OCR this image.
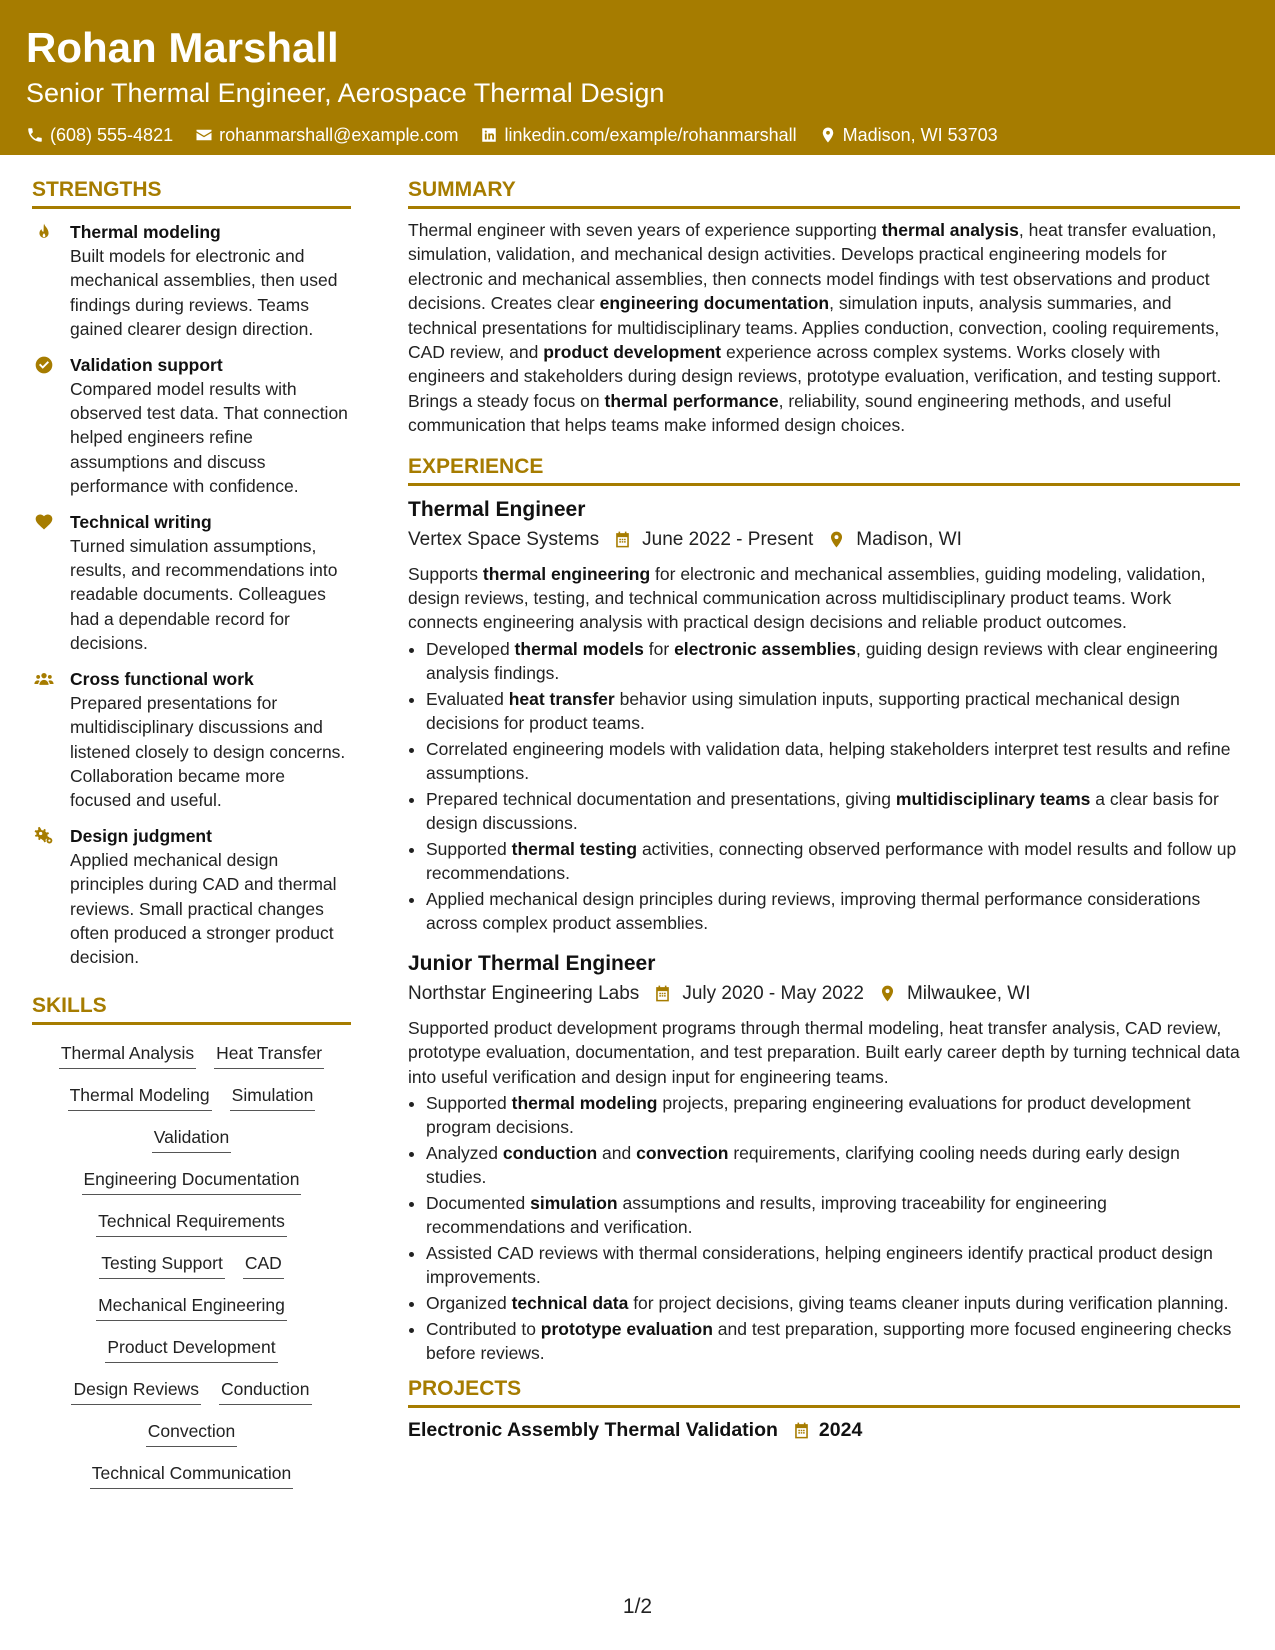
Rohan Marshall
Senior Thermal Engineer, Aerospace Thermal Design
(608) 555-4821	rohanmarshall@example.com	linkedin.com/example/rohanmarshall	Madison, WI 53703
STRENGTHS
Thermal modeling
Built models for electronic and mechanical assemblies, then used findings during reviews. Teams gained clearer design direction.
Validation support
Compared model results with observed test data. That connection helped engineers refine assumptions and discuss performance with confidence.
Technical writing
Turned simulation assumptions, results, and recommendations into readable documents. Colleagues had a dependable record for decisions.
Cross functional work
Prepared presentations for multidisciplinary discussions and listened closely to design concerns. Collaboration became more focused and useful.
Design judgment
Applied mechanical design principles during CAD and thermal reviews. Small practical changes often produced a stronger product decision.
SKILLS
Thermal Analysis Heat Transfer
Thermal Modeling Simulation
Validation
Engineering Documentation
Technical Requirements
Testing Support CAD
Mechanical Engineering
Product Development
Design Reviews Conduction
Convection
Technical Communication
SUMMARY
Thermal engineer with seven years of experience supporting thermal analysis, heat transfer evaluation, simulation, validation, and mechanical design activities. Develops practical engineering models for electronic and mechanical assemblies, then connects model findings with test observations and product decisions. Creates clear engineering documentation, simulation inputs, analysis summaries, and technical presentations for multidisciplinary teams. Applies conduction, convection, cooling requirements, CAD review, and product development experience across complex systems. Works closely with engineers and stakeholders during design reviews, prototype evaluation, verification, and testing support. Brings a steady focus on thermal performance, reliability, sound engineering methods, and useful communication that helps teams make informed design choices.
EXPERIENCE
Thermal Engineer
Vertex Space Systems June 2022 - Present Madison, WI
Supports thermal engineering for electronic and mechanical assemblies, guiding modeling, validation, design reviews, testing, and technical communication across multidisciplinary product teams. Work connects engineering analysis with practical design decisions and reliable product outcomes.
• Developed thermal models for electronic assemblies, guiding design reviews with clear engineering analysis findings.
• Evaluated heat transfer behavior using simulation inputs, supporting practical mechanical design decisions for product teams.
• Correlated engineering models with validation data, helping stakeholders interpret test results and refine assumptions.
• Prepared technical documentation and presentations, giving multidisciplinary teams a clear basis for design discussions.
• Supported thermal testing activities, connecting observed performance with model results and follow up recommendations.
• Applied mechanical design principles during reviews, improving thermal performance considerations across complex product assemblies.
Junior Thermal Engineer
Northstar Engineering Labs July 2020 - May 2022 Milwaukee, WI
Supported product development programs through thermal modeling, heat transfer analysis, CAD review, prototype evaluation, documentation, and test preparation. Built early career depth by turning technical data into useful verification and design input for engineering teams.
• Supported thermal modeling projects, preparing engineering evaluations for product development program decisions.
• Analyzed conduction and convection requirements, clarifying cooling needs during early design studies.
• Documented simulation assumptions and results, improving traceability for engineering recommendations and verification.
• Assisted CAD reviews with thermal considerations, helping engineers identify practical product design improvements.
• Organized technical data for project decisions, giving teams cleaner inputs during verification planning.
• Contributed to prototype evaluation and test preparation, supporting more focused engineering checks before reviews.
PROJECTS
Electronic Assembly Thermal Validation 2024
1/2
